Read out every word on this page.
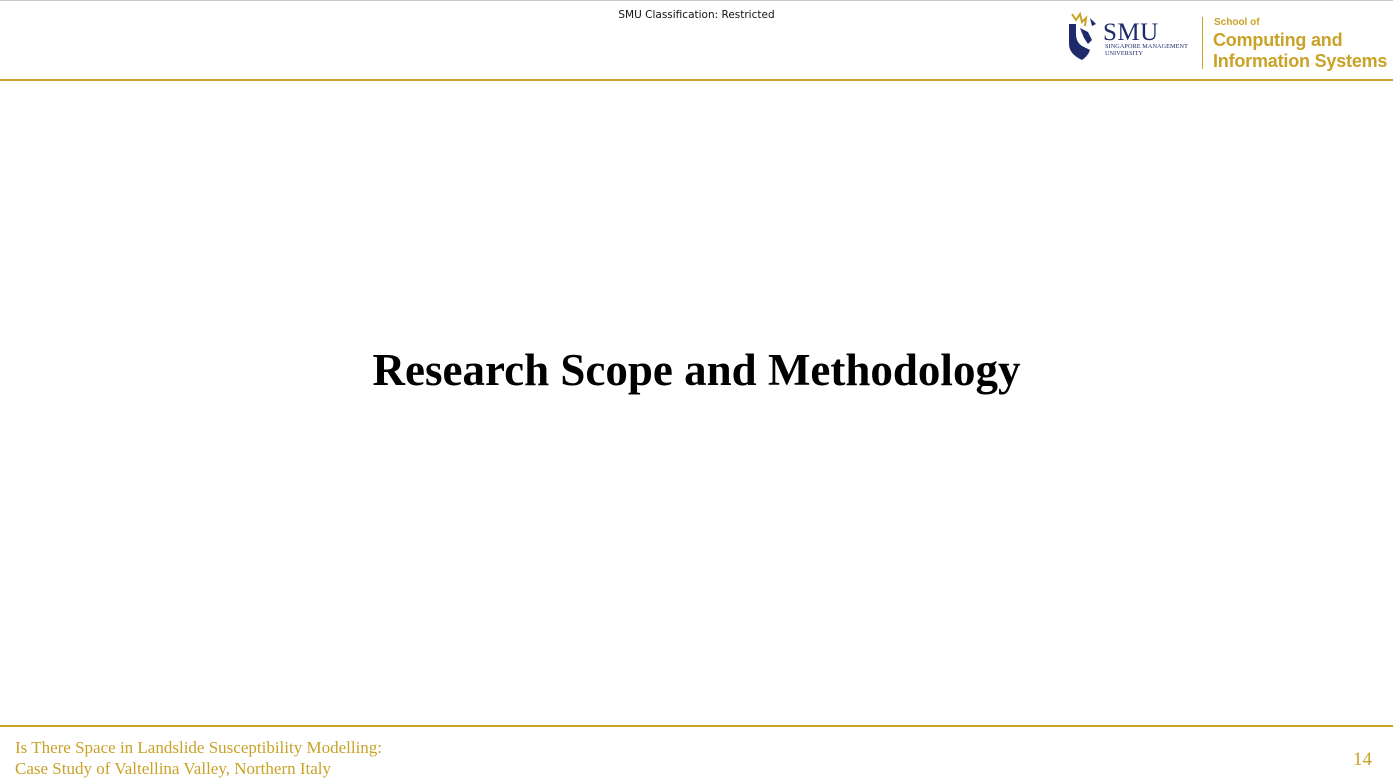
SMU Classification: Restricted
SMU
SINGAPORE MANAGEMENT UNIVERSITY
School of
Computing and
Information Systems
Research Scope and Methodology
Is There Space in Landslide Susceptibility Modelling:
Case Study of Valtellina Valley, Northern Italy	14
